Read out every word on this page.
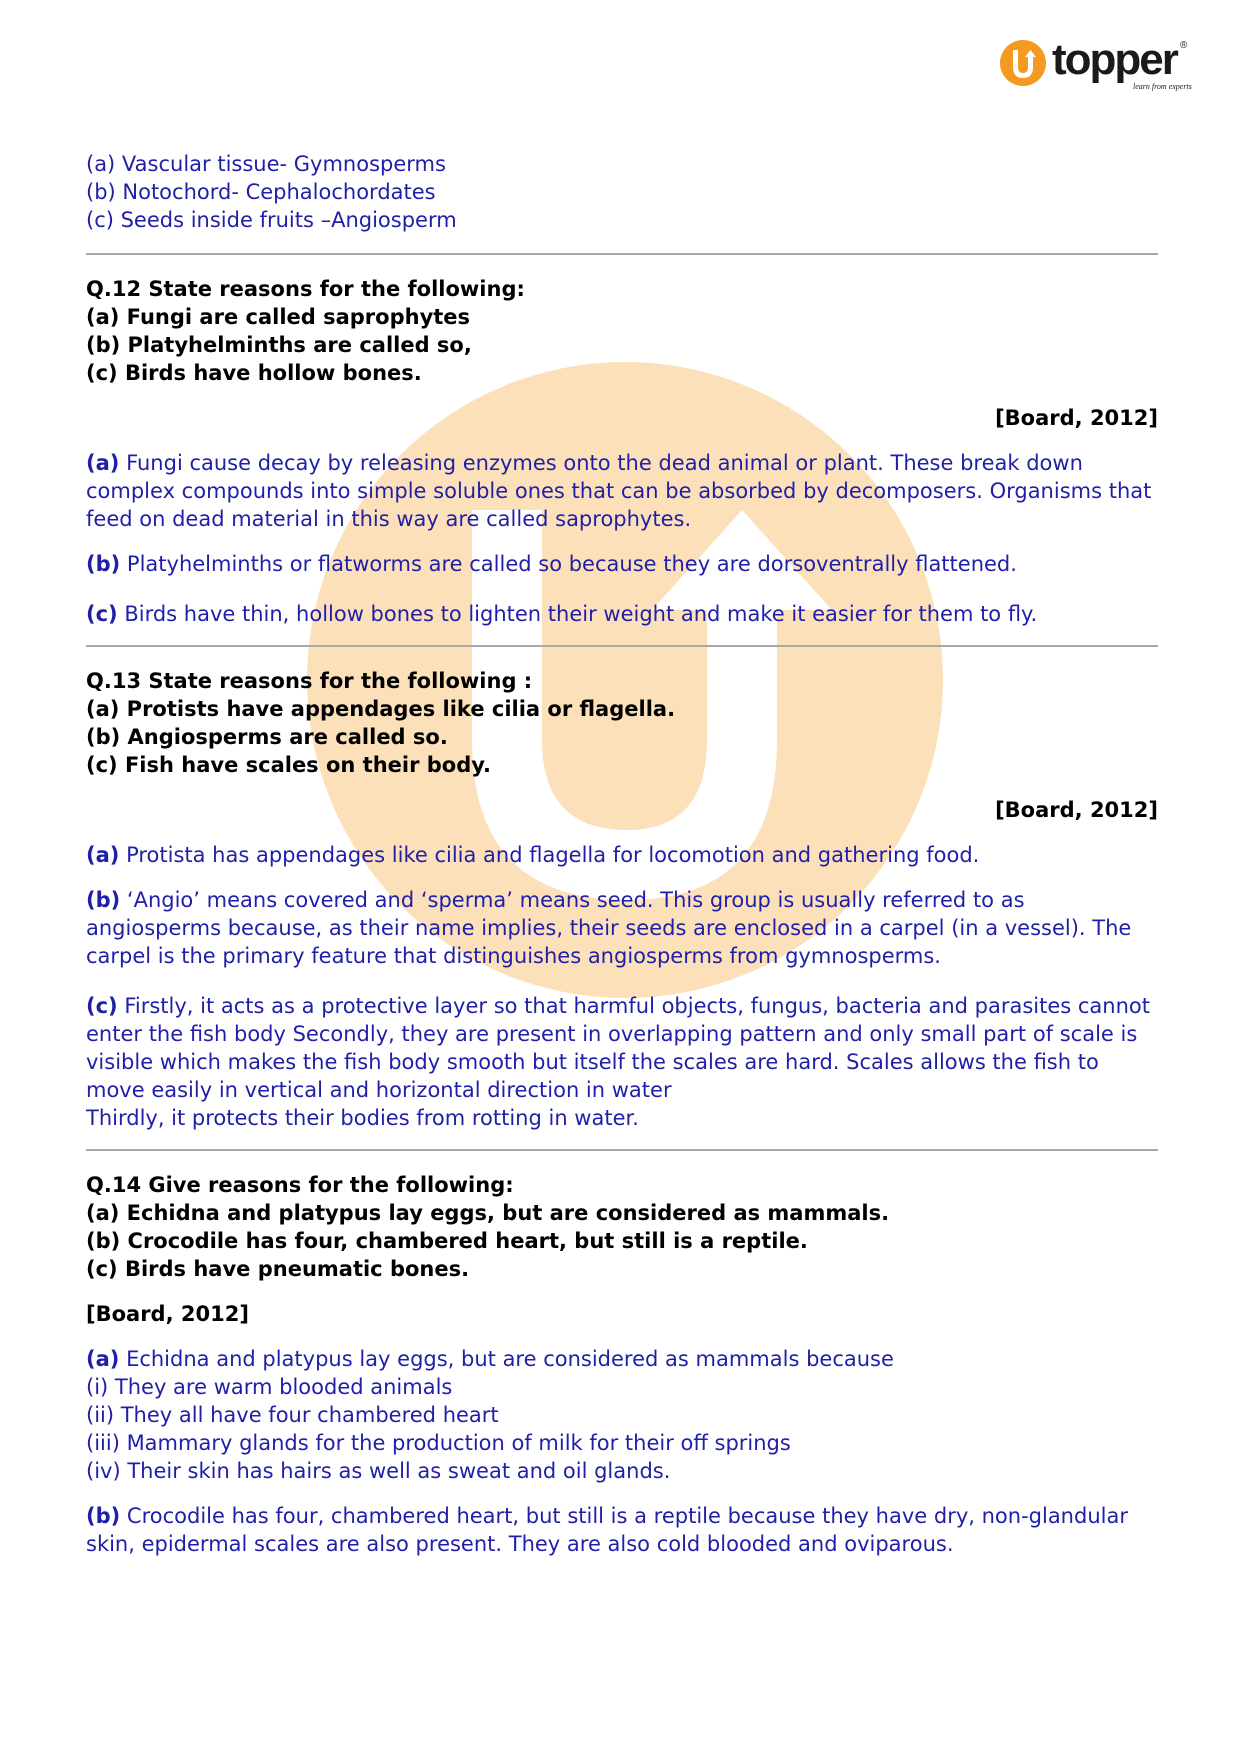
topper ®
learn from experts

(a) Vascular tissue- Gymnosperms

(b) Notochord- Cephalochordates

(c) Seeds inside fruits –Angiosperm

Q.12 State reasons for the following:

(a) Fungi are called saprophytes

(b) Platyhelminths are called so,

(c) Birds have hollow bones.

[Board, 2012]

(a) Fungi cause decay by releasing enzymes onto the dead animal or plant. These break down complex compounds into simple soluble ones that can be absorbed by decomposers. Organisms that feed on dead material in this way are called saprophytes.

(b) Platyhelminths or flatworms are called so because they are dorsoventrally flattened.

(c) Birds have thin, hollow bones to lighten their weight and make it easier for them to fly.

Q.13 State reasons for the following :

(a) Protists have appendages like cilia or flagella.

(b) Angiosperms are called so.

(c) Fish have scales on their body.

[Board, 2012]

(a) Protista has appendages like cilia and flagella for locomotion and gathering food.

(b) ‘Angio’ means covered and ‘sperma’ means seed. This group is usually referred to as angiosperms because, as their name implies, their seeds are enclosed in a carpel (in a vessel). The carpel is the primary feature that distinguishes angiosperms from gymnosperms.

(c) Firstly, it acts as a protective layer so that harmful objects, fungus, bacteria and parasites cannot enter the fish body Secondly, they are present in overlapping pattern and only small part of scale is visible which makes the fish body smooth but itself the scales are hard. Scales allows the fish to move easily in vertical and horizontal direction in water

Thirdly, it protects their bodies from rotting in water.

Q.14 Give reasons for the following:

(a) Echidna and platypus lay eggs, but are considered as mammals.

(b) Crocodile has four, chambered heart, but still is a reptile.

(c) Birds have pneumatic bones.

[Board, 2012]

(a) Echidna and platypus lay eggs, but are considered as mammals because

(i) They are warm blooded animals

(ii) They all have four chambered heart

(iii) Mammary glands for the production of milk for their off springs

(iv) Their skin has hairs as well as sweat and oil glands.

(b) Crocodile has four, chambered heart, but still is a reptile because they have dry, non-glandular skin, epidermal scales are also present. They are also cold blooded and oviparous.
